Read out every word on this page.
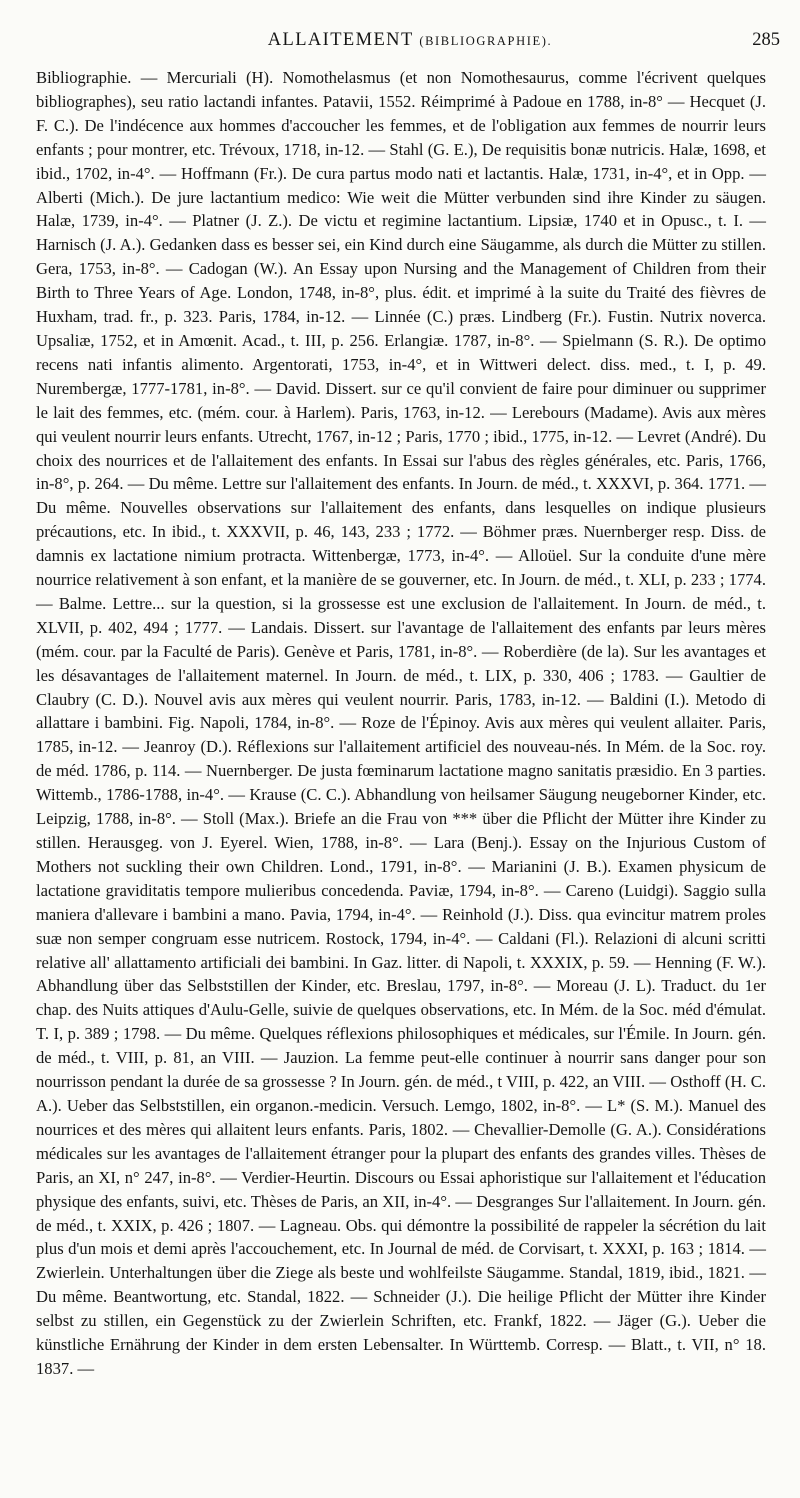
ALLAITEMENT (BIBLIOGRAPHIE).	285
Bibliographie. — Mercuriali (H). Nomothelasmus (et non Nomothesaurus, comme l'écrivent quelques bibliographes), seu ratio lactandi infantes. Patavii, 1552. Réimprimé à Padoue en 1788, in-8° — Hecquet (J. F. C.). De l'indécence aux hommes d'accoucher les femmes, et de l'obligation aux femmes de nourrir leurs enfants ; pour montrer, etc. Trévoux, 1718, in-12. — Stahl (G. E.), De requisitis bonæ nutricis. Halæ, 1698, et ibid., 1702, in-4°. — Hoffmann (Fr.). De cura partus modo nati et lactantis. Halæ, 1731, in-4°, et in Opp. — Alberti (Mich.). De jure lactantium medico: Wie weit die Mütter verbunden sind ihre Kinder zu säugen. Halæ, 1739, in-4°. — Platner (J. Z.). De victu et regimine lactantium. Lipsiæ, 1740 et in Opusc., t. I. — Harnisch (J. A.). Gedanken dass es besser sei, ein Kind durch eine Säugamme, als durch die Mütter zu stillen. Gera, 1753, in-8°. — Cadogan (W.). An Essay upon Nursing and the Management of Children from their Birth to Three Years of Age. London, 1748, in-8°, plus. édit. et imprimé à la suite du Traité des fièvres de Huxham, trad. fr., p. 323. Paris, 1784, in-12. — Linnée (C.) præs. Lindberg (Fr.). Fustin. Nutrix noverca. Upsaliæ, 1752, et in Amœnit. Acad., t. III, p. 256. Erlangiæ. 1787, in-8°. — Spielmann (S. R.). De optimo recens nati infantis alimento. Argentorati, 1753, in-4°, et in Wittweri delect. diss. med., t. I, p. 49. Nurembergæ, 1777-1781, in-8°. — David. Dissert. sur ce qu'il convient de faire pour diminuer ou supprimer le lait des femmes, etc. (mém. cour. à Harlem). Paris, 1763, in-12. — Lerebours (Madame). Avis aux mères qui veulent nourrir leurs enfants. Utrecht, 1767, in-12 ; Paris, 1770 ; ibid., 1775, in-12. — Levret (André). Du choix des nourrices et de l'allaitement des enfants. In Essai sur l'abus des règles générales, etc. Paris, 1766, in-8°, p. 264. — Du même. Lettre sur l'allaitement des enfants. In Journ. de méd., t. XXXVI, p. 364. 1771. — Du même. Nouvelles observations sur l'allaitement des enfants, dans lesquelles on indique plusieurs précautions, etc. In ibid., t. XXXVII, p. 46, 143, 233 ; 1772. — Böhmer præs. Nuernberger resp. Diss. de damnis ex lactatione nimium protracta. Wittenbergæ, 1773, in-4°. — Alloüel. Sur la conduite d'une mère nourrice relativement à son enfant, et la manière de se gouverner, etc. In Journ. de méd., t. XLI, p. 233 ; 1774. — Balme. Lettre... sur la question, si la grossesse est une exclusion de l'allaitement. In Journ. de méd., t. XLVII, p. 402, 494 ; 1777. — Landais. Dissert. sur l'avantage de l'allaitement des enfants par leurs mères (mém. cour. par la Faculté de Paris). Genève et Paris, 1781, in-8°. — Roberdière (de la). Sur les avantages et les désavantages de l'allaitement maternel. In Journ. de méd., t. LIX, p. 330, 406 ; 1783. — Gaultier de Claubry (C. D.). Nouvel avis aux mères qui veulent nourrir. Paris, 1783, in-12. — Baldini (I.). Metodo di allattare i bambini. Fig. Napoli, 1784, in-8°. — Roze de l'Épinoy. Avis aux mères qui veulent allaiter. Paris, 1785, in-12. — Jeanroy (D.). Réflexions sur l'allaitement artificiel des nouveau-nés. In Mém. de la Soc. roy. de méd. 1786, p. 114. — Nuernberger. De justa fœminarum lactatione magno sanitatis præsidio. En 3 parties. Wittemb., 1786-1788, in-4°. — Krause (C. C.). Abhandlung von heilsamer Säugung neugeborner Kinder, etc. Leipzig, 1788, in-8°. — Stoll (Max.). Briefe an die Frau von *** über die Pflicht der Mütter ihre Kinder zu stillen. Herausgeg. von J. Eyerel. Wien, 1788, in-8°. — Lara (Benj.). Essay on the Injurious Custom of Mothers not suckling their own Children. Lond., 1791, in-8°. — Marianini (J. B.). Examen physicum de lactatione graviditatis tempore mulieribus concedenda. Paviæ, 1794, in-8°. — Careno (Luidgi). Saggio sulla maniera d'allevare i bambini a mano. Pavia, 1794, in-4°. — Reinhold (J.). Diss. qua evincitur matrem proles suæ non semper congruam esse nutricem. Rostock, 1794, in-4°. — Caldani (Fl.). Relazioni di alcuni scritti relative all' allattamento artificiali dei bambini. In Gaz. litter. di Napoli, t. XXXIX, p. 59. — Henning (F. W.). Abhandlung über das Selbststillen der Kinder, etc. Breslau, 1797, in-8°. — Moreau (J. L). Traduct. du 1er chap. des Nuits attiques d'Aulu-Gelle, suivie de quelques observations, etc. In Mém. de la Soc. méd d'émulat. T. I, p. 389 ; 1798. — Du même. Quelques réflexions philosophiques et médicales, sur l'Émile. In Journ. gén. de méd., t. VIII, p. 81, an VIII. — Jauzion. La femme peut-elle continuer à nourrir sans danger pour son nourrisson pendant la durée de sa grossesse ? In Journ. gén. de méd., t VIII, p. 422, an VIII. — Osthoff (H. C. A.). Ueber das Selbststillen, ein organon.-medicin. Versuch. Lemgo, 1802, in-8°. — L* (S. M.). Manuel des nourrices et des mères qui allaitent leurs enfants. Paris, 1802. — Chevallier-Demolle (G. A.). Considérations médicales sur les avantages de l'allaitement étranger pour la plupart des enfants des grandes villes. Thèses de Paris, an XI, n° 247, in-8°. — Verdier-Heurtin. Discours ou Essai aphoristique sur l'allaitement et l'éducation physique des enfants, suivi, etc. Thèses de Paris, an XII, in-4°. — Desgranges Sur l'allaitement. In Journ. gén. de méd., t. XXIX, p. 426 ; 1807. — Lagneau. Obs. qui démontre la possibilité de rappeler la sécrétion du lait plus d'un mois et demi après l'accouchement, etc. In Journal de méd. de Corvisart, t. XXXI, p. 163 ; 1814. — Zwierlein. Unterhaltungen über die Ziege als beste und wohlfeilste Säugamme. Standal, 1819, ibid., 1821. — Du même. Beantwortung, etc. Standal, 1822. — Schneider (J.). Die heilige Pflicht der Mütter ihre Kinder selbst zu stillen, ein Gegenstück zu der Zwierlein Schriften, etc. Frankf, 1822. — Jäger (G.). Ueber die künstliche Ernährung der Kinder in dem ersten Lebensalter. In Württemb. Corresp. — Blatt., t. VII, n° 18. 1837. —
